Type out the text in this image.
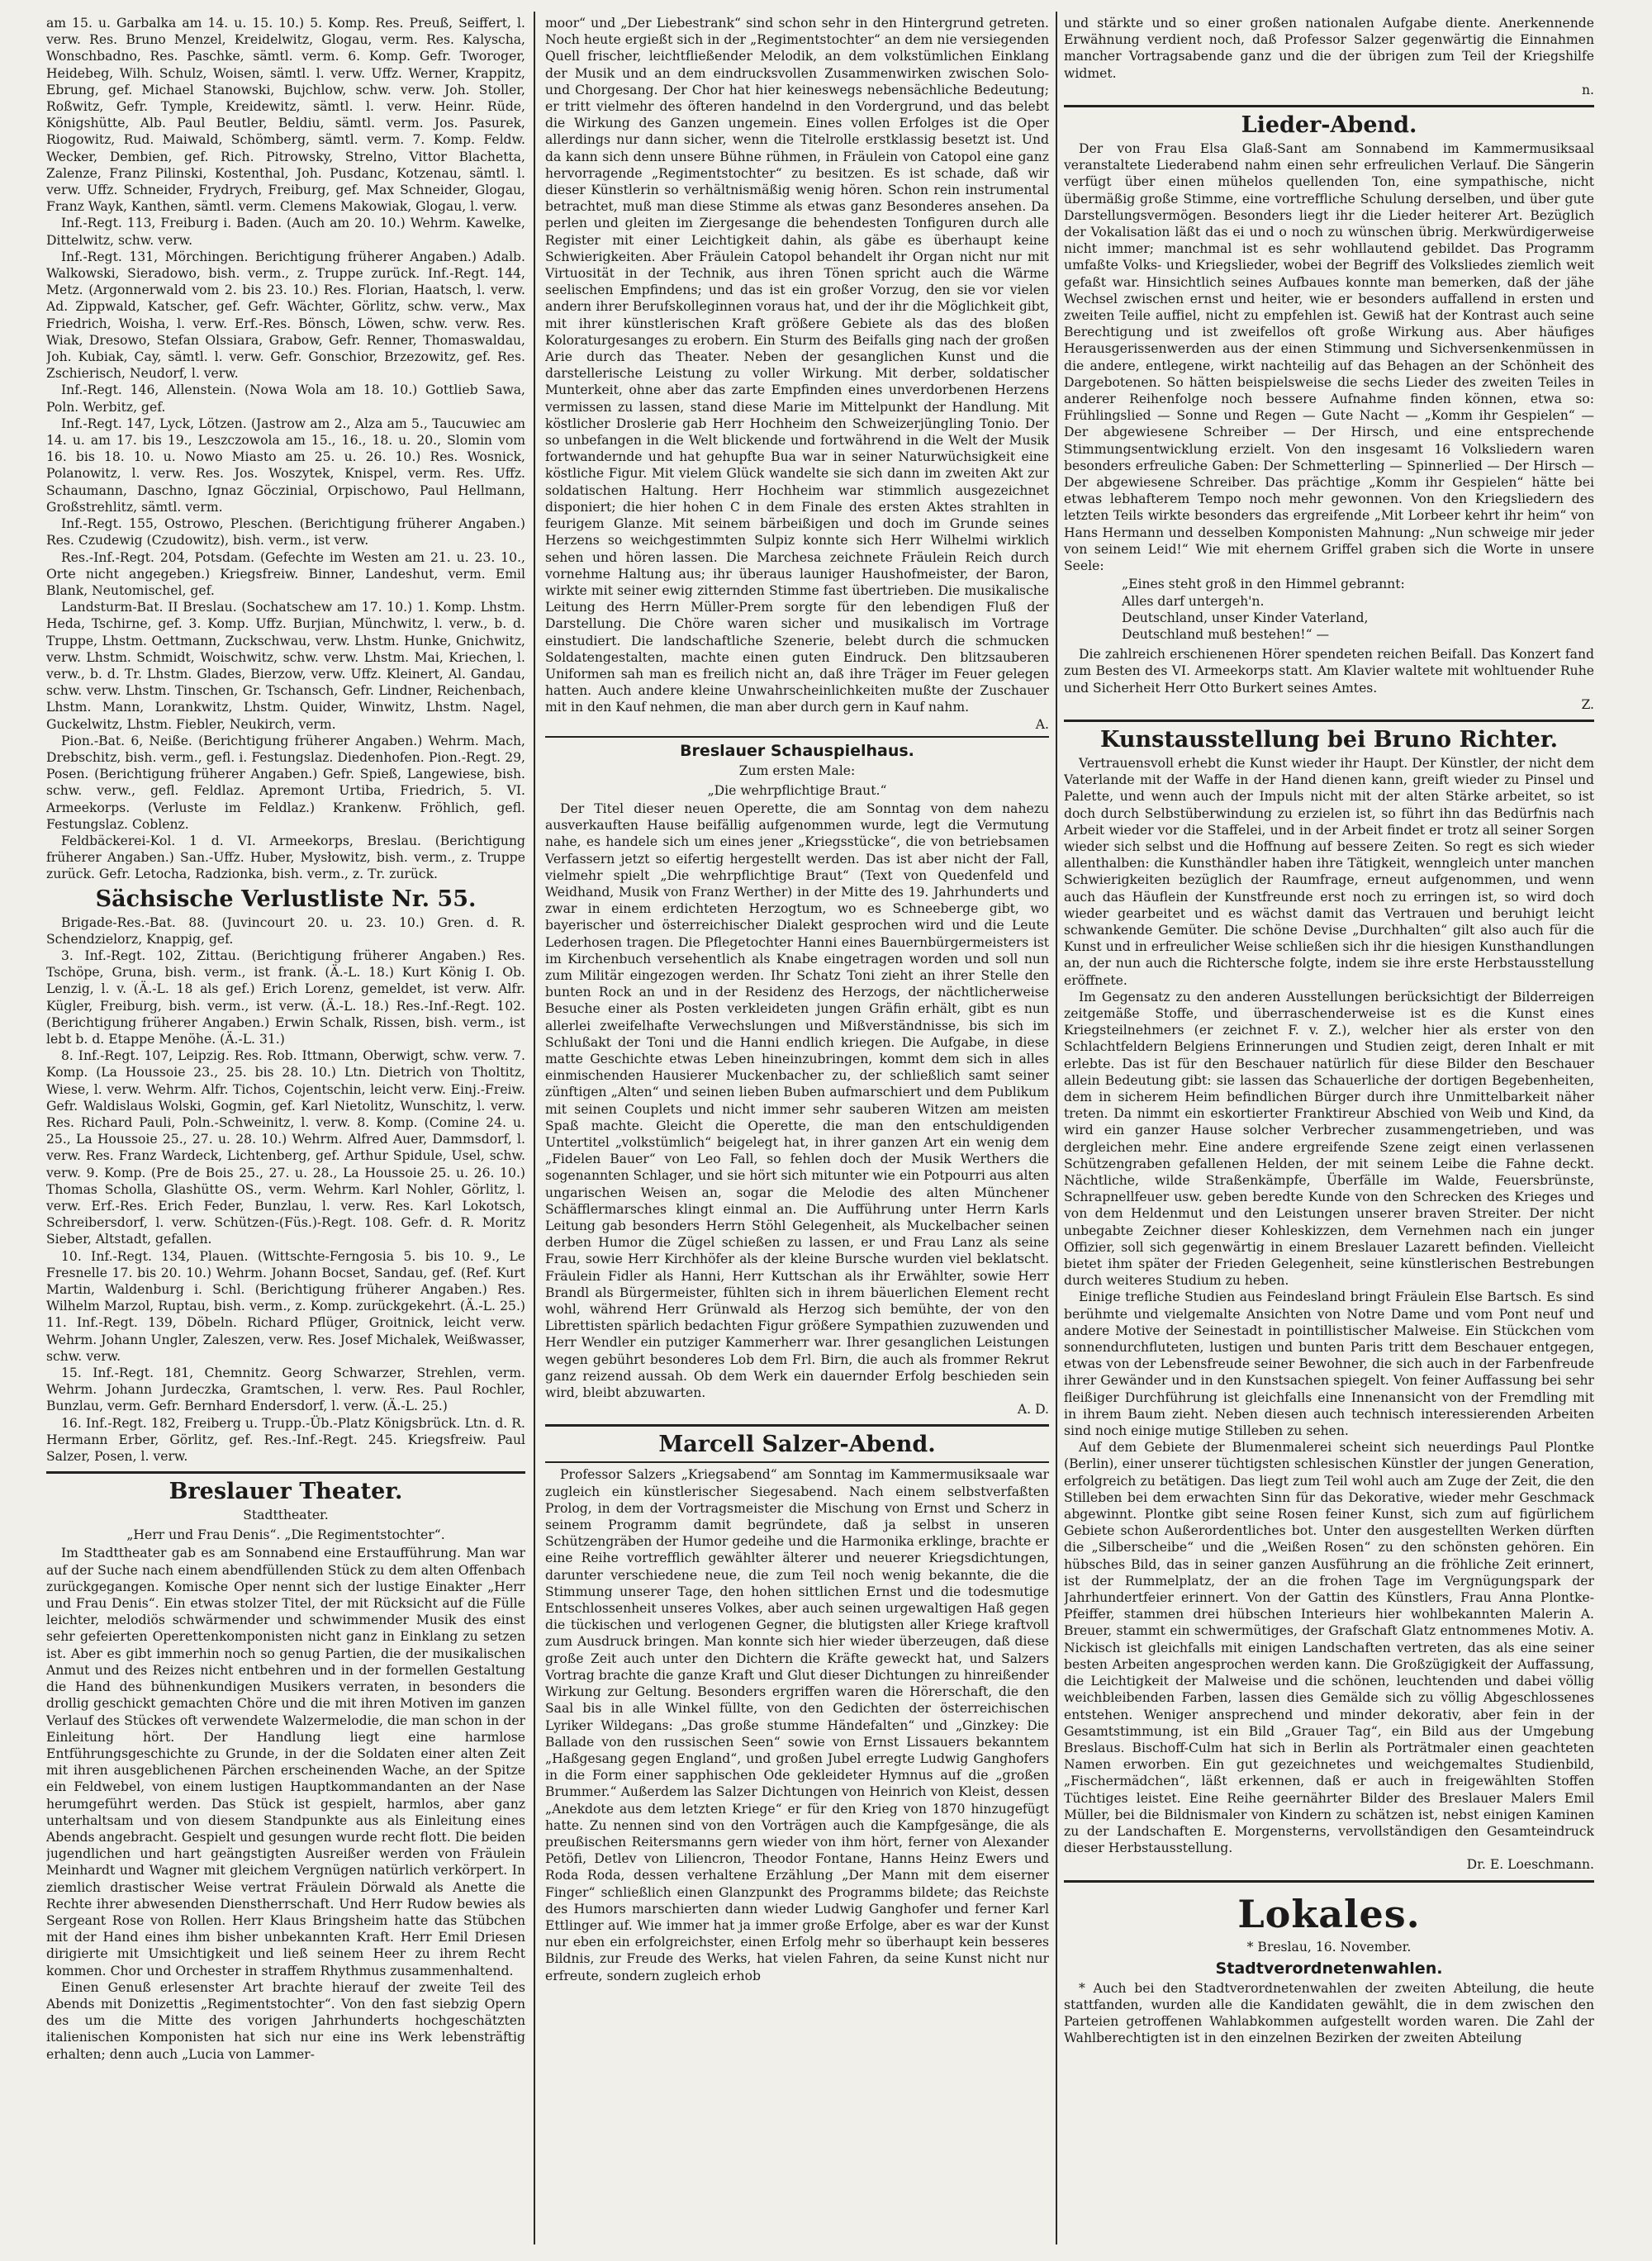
am 15. u. Garbalka am 14. u. 15. 10.) 5. Komp. Res. Preuß, Seiffert, l. verw. Res. Bruno Menzel, Kreidelwitz, Glogau, verm. Res. Kalyscha, Wonschbadno, Res. Paschke, sämtl. verm. 6. Komp. Gefr. Tworoger, Heidebeg, Wilh. Schulz, Woisen, sämtl. l. verw. Uffz. Werner, Krappitz, Ebrung, gef. Michael Stanowski, Bujchlow, schw. verw. Joh. Stoller, Roßwitz, Gefr. Tymple, Kreidewitz, sämtl. l. verw. Heinr. Rüde, Königshütte, Alb. Paul Beutler, Beldiu, sämtl. verm. Jos. Pasurek, Riogowitz, Rud. Maiwald, Schömberg, sämtl. verm. 7. Komp. Feldw. Wecker, Dembien, gef. Rich. Pitrowsky, Strelno, Vittor Blachetta, Zalenze, Franz Pilinski, Kostenthal, Joh. Pusdanc, Kotzenau, sämtl. l. verw. Uffz. Schneider, Frydrych, Freiburg, gef. Max Schneider, Glogau, Franz Wayk, Kanthen, sämtl. verm. Clemens Makowiak, Glogau, l. verw.

Inf.-Regt. 113, Freiburg i. Baden. (Auch am 20. 10.) Wehrm. Kawelke, Dittelwitz, schw. verw.

Inf.-Regt. 131, Mörchingen. Berichtigung früherer Angaben.) Adalb. Walkowski, Sieradowo, bish. verm., z. Truppe zurück. Inf.-Regt. 144, Metz. (Argonnerwald vom 2. bis 23. 10.) Res. Florian, Haatsch, l. verw. Ad. Zippwald, Katscher, gef. Gefr. Wächter, Görlitz, schw. verw., Max Friedrich, Woisha, l. verw. Erf.-Res. Bönsch, Löwen, schw. verw. Res. Wiak, Dresowo, Stefan Olssiara, Grabow, Gefr. Renner, Thomaswaldau, Joh. Kubiak, Cay, sämtl. l. verw. Gefr. Gonschior, Brzezowitz, gef. Res. Zschierisch, Neudorf, l. verw.

Inf.-Regt. 146, Allenstein. (Nowa Wola am 18. 10.) Gottlieb Sawa, Poln. Werbitz, gef.

Inf.-Regt. 147, Lyck, Lötzen. (Jastrow am 2., Alza am 5., Taucuwiec am 14. u. am 17. bis 19., Leszczowola am 15., 16., 18. u. 20., Slomin vom 16. bis 18. 10. u. Nowo Miasto am 25. u. 26. 10.) Res. Wosnick, Polanowitz, l. verw. Res. Jos. Woszytek, Knispel, verm. Res. Uffz. Schaumann, Daschno, Ignaz Göczinial, Orpischowo, Paul Hellmann, Großstrehlitz, sämtl. verm.

Inf.-Regt. 155, Ostrowo, Pleschen. (Berichtigung früherer Angaben.) Res. Czudewig (Czudowitz), bish. verm., ist verw.

Res.-Inf.-Regt. 204, Potsdam. (Gefechte im Westen am 21. u. 23. 10., Orte nicht angegeben.) Kriegsfreiw. Binner, Landeshut, verm. Emil Blank, Neutomischel, gef.

Landsturm-Bat. II Breslau. (Sochatschew am 17. 10.) 1. Komp. Lhstm. Heda, Tschirne, gef. 3. Komp. Uffz. Burjian, Münchwitz, l. verw., b. d. Truppe, Lhstm. Oettmann, Zuckschwau, verw. Lhstm. Hunke, Gnichwitz, verw. Lhstm. Schmidt, Woischwitz, schw. verw. Lhstm. Mai, Kriechen, l. verw., b. d. Tr. Lhstm. Glades, Bierzow, verw. Uffz. Kleinert, Al. Gandau, schw. verw. Lhstm. Tinschen, Gr. Tschansch, Gefr. Lindner, Reichenbach, Lhstm. Mann, Lorankwitz, Lhstm. Quider, Winwitz, Lhstm. Nagel, Guckelwitz, Lhstm. Fiebler, Neukirch, verm.

Pion.-Bat. 6, Neiße. (Berichtigung früherer Angaben.) Wehrm. Mach, Drebschitz, bish. verm., gefl. i. Festungslaz. Diedenhofen. Pion.-Regt. 29, Posen. (Berichtigung früherer Angaben.) Gefr. Spieß, Langewiese, bish. schw. verw., gefl. Feldlaz. Apremont Urtiba, Friedrich, 5. VI. Armeekorps. (Verluste im Feldlaz.) Krankenw. Fröhlich, gefl. Festungslaz. Coblenz.

Feldbäckerei-Kol. 1 d. VI. Armeekorps, Breslau. (Berichtigung früherer Angaben.) San.-Uffz. Huber, Mysłowitz, bish. verm., z. Truppe zurück. Gefr. Letocha, Radzionka, bish. verm., z. Tr. zurück.

Sächsische Verlustliste Nr. 55.

Brigade-Res.-Bat. 88. (Juvincourt 20. u. 23. 10.) Gren. d. R. Schendzielorz, Knappig, gef.

3. Inf.-Regt. 102, Zittau. (Berichtigung früherer Angaben.) Res. Tschöpe, Gruna, bish. verm., ist frank. (Ä.-L. 18.) Kurt König I. Ob. Lenzig, l. v. (Ä.-L. 18 als gef.) Erich Lorenz, gemeldet, ist verw. Alfr. Kügler, Freiburg, bish. verm., ist verw. (Ä.-L. 18.) Res.-Inf.-Regt. 102. (Berichtigung früherer Angaben.) Erwin Schalk, Rissen, bish. verm., ist lebt b. d. Etappe Menöhe. (Ä.-L. 31.)

8. Inf.-Regt. 107, Leipzig. Res. Rob. Ittmann, Oberwigt, schw. verw. 7. Komp. (La Houssoie 23., 25. bis 28. 10.) Ltn. Dietrich von Tholtitz, Wiese, l. verw. Wehrm. Alfr. Tichos, Cojentschin, leicht verw. Einj.-Freiw. Gefr. Waldislaus Wolski, Gogmin, gef. Karl Nietolitz, Wunschitz, l. verw. Res. Richard Pauli, Poln.-Schweinitz, l. verw. 8. Komp. (Comine 24. u. 25., La Houssoie 25., 27. u. 28. 10.) Wehrm. Alfred Auer, Dammsdorf, l. verw. Res. Franz Wardeck, Lichtenberg, gef. Arthur Spidule, Usel, schw. verw. 9. Komp. (Pre de Bois 25., 27. u. 28., La Houssoie 25. u. 26. 10.) Thomas Scholla, Glashütte OS., verm. Wehrm. Karl Nohler, Görlitz, l. verw. Erf.-Res. Erich Feder, Bunzlau, l. verw. Res. Karl Lokotsch, Schreibersdorf, l. verw. Schützen-(Füs.)-Regt. 108. Gefr. d. R. Moritz Sieber, Altstadt, gefallen.

10. Inf.-Regt. 134, Plauen. (Wittschte-Ferngosia 5. bis 10. 9., Le Fresnelle 17. bis 20. 10.) Wehrm. Johann Bocset, Sandau, gef. (Ref. Kurt Martin, Waldenburg i. Schl. (Berichtigung früherer Angaben.) Res. Wilhelm Marzol, Ruptau, bish. verm., z. Komp. zurückgekehrt. (Ä.-L. 25.) 11. Inf.-Regt. 139, Döbeln. Richard Pflüger, Groitnick, leicht verw. Wehrm. Johann Ungler, Zaleszen, verw. Res. Josef Michalek, Weißwasser, schw. verw.

15. Inf.-Regt. 181, Chemnitz. Georg Schwarzer, Strehlen, verm. Wehrm. Johann Jurdeczka, Gramtschen, l. verw. Res. Paul Rochler, Bunzlau, verm. Gefr. Bernhard Endersdorf, l. verw. (Ä.-L. 25.)

16. Inf.-Regt. 182, Freiberg u. Trupp.-Üb.-Platz Königsbrück. Ltn. d. R. Hermann Erber, Görlitz, gef. Res.-Inf.-Regt. 245. Kriegsfreiw. Paul Salzer, Posen, l. verw.

Breslauer Theater.
Stadttheater.

„Herr und Frau Denis“. „Die Regimentstochter“.

Im Stadttheater gab es am Sonnabend eine Erstaufführung. Man war auf der Suche nach einem abendfüllenden Stück zu dem alten Offenbach zurückgegangen. Komische Oper nennt sich der lustige Einakter „Herr und Frau Denis“. Ein etwas stolzer Titel, der mit Rücksicht auf die Fülle leichter, melodiös schwärmender und schwimmender Musik des einst sehr gefeierten Operettenkomponisten nicht ganz in Einklang zu setzen ist. Aber es gibt immerhin noch so genug Partien, die der musikalischen Anmut und des Reizes nicht entbehren und in der formellen Gestaltung die Hand des bühnenkundigen Musikers verraten, in besonders die drollig geschickt gemachten Chöre und die mit ihren Motiven im ganzen Verlauf des Stückes oft verwendete Walzermelodie, die man schon in der Einleitung hört. Der Handlung liegt eine harmlose Entführungsgeschichte zu Grunde, in der die Soldaten einer alten Zeit mit ihren ausgeblichenen Pärchen erscheinenden Wache, an der Spitze ein Feldwebel, von einem lustigen Hauptkommandanten an der Nase herumgeführt werden. Das Stück ist gespielt, harmlos, aber ganz unterhaltsam und von diesem Standpunkte aus als Einleitung eines Abends angebracht. Gespielt und gesungen wurde recht flott. Die beiden jugendlichen und hart geängstigten Ausreißer werden von Fräulein Meinhardt und Wagner mit gleichem Vergnügen natürlich verkörpert. In ziemlich drastischer Weise vertrat Fräulein Dörwald als Anette die Rechte ihrer abwesenden Dienstherrschaft. Und Herr Rudow bewies als Sergeant Rose von Rollen. Herr Klaus Bringsheim hatte das Stübchen mit der Hand eines ihm bisher unbekannten Kraft. Herr Emil Driesen dirigierte mit Umsichtigkeit und ließ seinem Heer zu ihrem Recht kommen. Chor und Orchester in straffem Rhythmus zusammenhaltend.

Einen Genuß erlesenster Art brachte hierauf der zweite Teil des Abends mit Donizettis „Regimentstochter“. Von den fast siebzig Opern des um die Mitte des vorigen Jahrhunderts hochgeschätzten italienischen Komponisten hat sich nur eine ins Werk lebensträftig erhalten; denn auch „Lucia von Lammer-

moor“ und „Der Liebestrank“ sind schon sehr in den Hintergrund getreten. Noch heute ergießt sich in der „Regimentstochter“ an dem nie versiegenden Quell frischer, leichtfließender Melodik, an dem volkstümlichen Einklang der Musik und an dem eindrucksvollen Zusammenwirken zwischen Solo- und Chorgesang. Der Chor hat hier keineswegs nebensächliche Bedeutung; er tritt vielmehr des öfteren handelnd in den Vordergrund, und das belebt die Wirkung des Ganzen ungemein. Eines vollen Erfolges ist die Oper allerdings nur dann sicher, wenn die Titelrolle erstklassig besetzt ist. Und da kann sich denn unsere Bühne rühmen, in Fräulein von Catopol eine ganz hervorragende „Regimentstochter“ zu besitzen. Es ist schade, daß wir dieser Künstlerin so verhältnismäßig wenig hören. Schon rein instrumental betrachtet, muß man diese Stimme als etwas ganz Besonderes ansehen. Da perlen und gleiten im Ziergesange die behendesten Tonfiguren durch alle Register mit einer Leichtigkeit dahin, als gäbe es überhaupt keine Schwierigkeiten. Aber Fräulein Catopol behandelt ihr Organ nicht nur mit Virtuosität in der Technik, aus ihren Tönen spricht auch die Wärme seelischen Empfindens; und das ist ein großer Vorzug, den sie vor vielen andern ihrer Berufskolleginnen voraus hat, und der ihr die Möglichkeit gibt, mit ihrer künstlerischen Kraft größere Gebiete als das des bloßen Koloraturgesanges zu erobern. Ein Sturm des Beifalls ging nach der großen Arie durch das Theater. Neben der gesanglichen Kunst und die darstellerische Leistung zu voller Wirkung. Mit derber, soldatischer Munterkeit, ohne aber das zarte Empfinden eines unverdorbenen Herzens vermissen zu lassen, stand diese Marie im Mittelpunkt der Handlung. Mit köstlicher Droslerie gab Herr Hochheim den Schweizerjüngling Tonio. Der so unbefangen in die Welt blickende und fortwährend in die Welt der Musik fortwandernde und hat gehupfte Bua war in seiner Naturwüchsigkeit eine köstliche Figur. Mit vielem Glück wandelte sie sich dann im zweiten Akt zur soldatischen Haltung. Herr Hochheim war stimmlich ausgezeichnet disponiert; die hier hohen C in dem Finale des ersten Aktes strahlten in feurigem Glanze. Mit seinem bärbeißigen und doch im Grunde seines Herzens so weichgestimmten Sulpiz konnte sich Herr Wilhelmi wirklich sehen und hören lassen. Die Marchesa zeichnete Fräulein Reich durch vornehme Haltung aus; ihr überaus launiger Haushofmeister, der Baron, wirkte mit seiner ewig zitternden Stimme fast übertrieben. Die musikalische Leitung des Herrn Müller-Prem sorgte für den lebendigen Fluß der Darstellung. Die Chöre waren sicher und musikalisch im Vortrage einstudiert. Die landschaftliche Szenerie, belebt durch die schmucken Soldatengestalten, machte einen guten Eindruck. Den blitzsauberen Uniformen sah man es freilich nicht an, daß ihre Träger im Feuer gelegen hatten. Auch andere kleine Unwahrscheinlichkeiten mußte der Zuschauer mit in den Kauf nehmen, die man aber durch gern in Kauf nahm.

A.

Breslauer Schauspielhaus.
Zum ersten Male:

„Die wehrpflichtige Braut.“

Der Titel dieser neuen Operette, die am Sonntag von dem nahezu ausverkauften Hause beifällig aufgenommen wurde, legt die Vermutung nahe, es handele sich um eines jener „Kriegsstücke“, die von betriebsamen Verfassern jetzt so eifertig hergestellt werden. Das ist aber nicht der Fall, vielmehr spielt „Die wehrpflichtige Braut“ (Text von Quedenfeld und Weidhand, Musik von Franz Werther) in der Mitte des 19. Jahrhunderts und zwar in einem erdichteten Herzogtum, wo es Schneeberge gibt, wo bayerischer und österreichischer Dialekt gesprochen wird und die Leute Lederhosen tragen. Die Pflegetochter Hanni eines Bauernbürgermeisters ist im Kirchenbuch versehentlich als Knabe eingetragen worden und soll nun zum Militär eingezogen werden. Ihr Schatz Toni zieht an ihrer Stelle den bunten Rock an und in der Residenz des Herzogs, der nächtlicherweise Besuche einer als Posten verkleideten jungen Gräfin erhält, gibt es nun allerlei zweifelhafte Verwechslungen und Mißverständnisse, bis sich im Schlußakt der Toni und die Hanni endlich kriegen. Die Aufgabe, in diese matte Geschichte etwas Leben hineinzubringen, kommt dem sich in alles einmischenden Hausierer Muckenbacher zu, der schließlich samt seiner zünftigen „Alten“ und seinen lieben Buben aufmarschiert und dem Publikum mit seinen Couplets und nicht immer sehr sauberen Witzen am meisten Spaß machte. Gleicht die Operette, die man den entschuldigenden Untertitel „volkstümlich“ beigelegt hat, in ihrer ganzen Art ein wenig dem „Fidelen Bauer“ von Leo Fall, so fehlen doch der Musik Werthers die sogenannten Schlager, und sie hört sich mitunter wie ein Potpourri aus alten ungarischen Weisen an, sogar die Melodie des alten Münchener Schäfflermarsches klingt einmal an. Die Aufführung unter Herrn Karls Leitung gab besonders Herrn Stöhl Gelegenheit, als Muckelbacher seinen derben Humor die Zügel schießen zu lassen, er und Frau Lanz als seine Frau, sowie Herr Kirchhöfer als der kleine Bursche wurden viel beklatscht. Fräulein Fidler als Hanni, Herr Kuttschan als ihr Erwählter, sowie Herr Brandl als Bürgermeister, fühlten sich in ihrem bäuerlichen Element recht wohl, während Herr Grünwald als Herzog sich bemühte, der von den Librettisten spärlich bedachten Figur größere Sympathien zuzuwenden und Herr Wendler ein putziger Kammerherr war. Ihrer gesanglichen Leistungen wegen gebührt besonderes Lob dem Frl. Birn, die auch als frommer Rekrut ganz reizend aussah. Ob dem Werk ein dauernder Erfolg beschieden sein wird, bleibt abzuwarten.

A. D.

Marcell Salzer-Abend.

Professor Salzers „Kriegsabend“ am Sonntag im Kammermusiksaale war zugleich ein künstlerischer Siegesabend. Nach einem selbstverfaßten Prolog, in dem der Vortragsmeister die Mischung von Ernst und Scherz in seinem Programm damit begründete, daß ja selbst in unseren Schützengräben der Humor gedeihe und die Harmonika erklinge, brachte er eine Reihe vortrefflich gewählter älterer und neuerer Kriegsdichtungen, darunter verschiedene neue, die zum Teil noch wenig bekannte, die die Stimmung unserer Tage, den hohen sittlichen Ernst und die todesmutige Entschlossenheit unseres Volkes, aber auch seinen urgewaltigen Haß gegen die tückischen und verlogenen Gegner, die blutigsten aller Kriege kraftvoll zum Ausdruck bringen. Man konnte sich hier wieder überzeugen, daß diese große Zeit auch unter den Dichtern die Kräfte geweckt hat, und Salzers Vortrag brachte die ganze Kraft und Glut dieser Dichtungen zu hinreißender Wirkung zur Geltung. Besonders ergriffen waren die Hörerschaft, die den Saal bis in alle Winkel füllte, von den Gedichten der österreichischen Lyriker Wildegans: „Das große stumme Händefalten“ und „Ginzkey: Die Ballade von den russischen Seen“ sowie von Ernst Lissauers bekanntem „Haßgesang gegen England“, und großen Jubel erregte Ludwig Ganghofers in die Form einer sapphischen Ode gekleideter Hymnus auf die „großen Brummer.“ Außerdem las Salzer Dichtungen von Heinrich von Kleist, dessen „Anekdote aus dem letzten Kriege“ er für den Krieg von 1870 hinzugefügt hatte. Zu nennen sind von den Vorträgen auch die Kampfgesänge, die als preußischen Reitersmanns gern wieder von ihm hört, ferner von Alexander Petöfi, Detlev von Liliencron, Theodor Fontane, Hanns Heinz Ewers und Roda Roda, dessen verhaltene Erzählung „Der Mann mit dem eiserner Finger“ schließlich einen Glanzpunkt des Programms bildete; das Reichste des Humors marschierten dann wieder Ludwig Ganghofer und ferner Karl Ettlinger auf. Wie immer hat ja immer große Erfolge, aber es war der Kunst nur eben ein erfolgreichster, einen Erfolg mehr so überhaupt kein besseres Bildnis, zur Freude des Werks, hat vielen Fahren, da seine Kunst nicht nur erfreute, sondern zugleich erhob

und stärkte und so einer großen nationalen Aufgabe diente. Anerkennende Erwähnung verdient noch, daß Professor Salzer gegenwärtig die Einnahmen mancher Vortragsabende ganz und die der übrigen zum Teil der Kriegshilfe widmet.

n.

Lieder-Abend.

Der von Frau Elsa Glaß-Sant am Sonnabend im Kammermusiksaal veranstaltete Liederabend nahm einen sehr erfreulichen Verlauf. Die Sängerin verfügt über einen mühelos quellenden Ton, eine sympathische, nicht übermäßig große Stimme, eine vortreffliche Schulung derselben, und über gute Darstellungsvermögen. Besonders liegt ihr die Lieder heiterer Art. Bezüglich der Vokalisation läßt das ei und o noch zu wünschen übrig. Merkwürdigerweise nicht immer; manchmal ist es sehr wohllautend gebildet. Das Programm umfaßte Volks- und Kriegslieder, wobei der Begriff des Volksliedes ziemlich weit gefaßt war. Hinsichtlich seines Aufbaues konnte man bemerken, daß der jähe Wechsel zwischen ernst und heiter, wie er besonders auffallend in ersten und zweiten Teile auffiel, nicht zu empfehlen ist. Gewiß hat der Kontrast auch seine Berechtigung und ist zweifellos oft große Wirkung aus. Aber häufiges Herausgerissenwerden aus der einen Stimmung und Sichversenkenmüssen in die andere, entlegene, wirkt nachteilig auf das Behagen an der Schönheit des Dargebotenen. So hätten beispielsweise die sechs Lieder des zweiten Teiles in anderer Reihenfolge noch bessere Aufnahme finden können, etwa so: Frühlingslied — Sonne und Regen — Gute Nacht — „Komm ihr Gespielen“ — Der abgewiesene Schreiber — Der Hirsch, und eine entsprechende Stimmungsentwicklung erzielt. Von den insgesamt 16 Volksliedern waren besonders erfreuliche Gaben: Der Schmetterling — Spinnerlied — Der Hirsch — Der abgewiesene Schreiber. Das prächtige „Komm ihr Gespielen“ hätte bei etwas lebhafterem Tempo noch mehr gewonnen. Von den Kriegsliedern des letzten Teils wirkte besonders das ergreifende „Mit Lorbeer kehrt ihr heim“ von Hans Hermann und desselben Komponisten Mahnung: „Nun schweige mir jeder von seinem Leid!“ Wie mit ehernem Griffel graben sich die Worte in unsere Seele:

„Eines steht groß in den Himmel gebrannt:
Alles darf untergeh'n.
Deutschland, unser Kinder Vaterland,
Deutschland muß bestehen!“ —

Die zahlreich erschienenen Hörer spendeten reichen Beifall. Das Konzert fand zum Besten des VI. Armeekorps statt. Am Klavier waltete mit wohltuender Ruhe und Sicherheit Herr Otto Burkert seines Amtes.

Z.

Kunstausstellung bei Bruno Richter.

Vertrauensvoll erhebt die Kunst wieder ihr Haupt. Der Künstler, der nicht dem Vaterlande mit der Waffe in der Hand dienen kann, greift wieder zu Pinsel und Palette, und wenn auch der Impuls nicht mit der alten Stärke arbeitet, so ist doch durch Selbstüberwindung zu erzielen ist, so führt ihn das Bedürfnis nach Arbeit wieder vor die Staffelei, und in der Arbeit findet er trotz all seiner Sorgen wieder sich selbst und die Hoffnung auf bessere Zeiten. So regt es sich wieder allenthalben: die Kunsthändler haben ihre Tätigkeit, wenngleich unter manchen Schwierigkeiten bezüglich der Raumfrage, erneut aufgenommen, und wenn auch das Häuflein der Kunstfreunde erst noch zu erringen ist, so wird doch wieder gearbeitet und es wächst damit das Vertrauen und beruhigt leicht schwankende Gemüter. Die schöne Devise „Durchhalten“ gilt also auch für die Kunst und in erfreulicher Weise schließen sich ihr die hiesigen Kunsthandlungen an, der nun auch die Richtersche folgte, indem sie ihre erste Herbstausstellung eröffnete.

Im Gegensatz zu den anderen Ausstellungen berücksichtigt der Bilderreigen zeitgemäße Stoffe, und überraschenderweise ist es die Kunst eines Kriegsteilnehmers (er zeichnet F. v. Z.), welcher hier als erster von den Schlachtfeldern Belgiens Erinnerungen und Studien zeigt, deren Inhalt er mit erlebte. Das ist für den Beschauer natürlich für diese Bilder den Beschauer allein Bedeutung gibt: sie lassen das Schauerliche der dortigen Begebenheiten, dem in sicherem Heim befindlichen Bürger durch ihre Unmittelbarkeit näher treten. Da nimmt ein eskortierter Franktireur Abschied von Weib und Kind, da wird ein ganzer Hause solcher Verbrecher zusammengetrieben, und was dergleichen mehr. Eine andere ergreifende Szene zeigt einen verlassenen Schützengraben gefallenen Helden, der mit seinem Leibe die Fahne deckt. Nächtliche, wilde Straßenkämpfe, Überfälle im Walde, Feuersbrünste, Schrapnellfeuer usw. geben beredte Kunde von den Schrecken des Krieges und von dem Heldenmut und den Leistungen unserer braven Streiter. Der nicht unbegabte Zeichner dieser Kohleskizzen, dem Vernehmen nach ein junger Offizier, soll sich gegenwärtig in einem Breslauer Lazarett befinden. Vielleicht bietet ihm später der Frieden Gelegenheit, seine künstlerischen Bestrebungen durch weiteres Studium zu heben.

Einige trefliche Studien aus Feindesland bringt Fräulein Else Bartsch. Es sind berühmte und vielgemalte Ansichten von Notre Dame und vom Pont neuf und andere Motive der Seinestadt in pointillistischer Malweise. Ein Stückchen vom sonnendurchfluteten, lustigen und bunten Paris tritt dem Beschauer entgegen, etwas von der Lebensfreude seiner Bewohner, die sich auch in der Farbenfreude ihrer Gewänder und in den Kunstsachen spiegelt. Von feiner Auffassung bei sehr fleißiger Durchführung ist gleichfalls eine Innenansicht von der Fremdling mit in ihrem Baum zieht. Neben diesen auch technisch interessierenden Arbeiten sind noch einige mutige Stilleben zu sehen.

Auf dem Gebiete der Blumenmalerei scheint sich neuerdings Paul Plontke (Berlin), einer unserer tüchtigsten schlesischen Künstler der jungen Generation, erfolgreich zu betätigen. Das liegt zum Teil wohl auch am Zuge der Zeit, die den Stilleben bei dem erwachten Sinn für das Dekorative, wieder mehr Geschmack abgewinnt. Plontke gibt seine Rosen feiner Kunst, sich zum auf figürlichem Gebiete schon Außerordentliches bot. Unter den ausgestellten Werken dürften die „Silberscheibe“ und die „Weißen Rosen“ zu den schönsten gehören. Ein hübsches Bild, das in seiner ganzen Ausführung an die fröhliche Zeit erinnert, ist der Rummelplatz, der an die frohen Tage im Vergnügungspark der Jahrhundertfeier erinnert. Von der Gattin des Künstlers, Frau Anna Plontke-Pfeiffer, stammen drei hübschen Interieurs hier wohlbekannten Malerin A. Breuer, stammt ein schwermütiges, der Grafschaft Glatz entnommenes Motiv. A. Nickisch ist gleichfalls mit einigen Landschaften vertreten, das als eine seiner besten Arbeiten angesprochen werden kann. Die Großzügigkeit der Auffassung, die Leichtigkeit der Malweise und die schönen, leuchtenden und dabei völlig weichbleibenden Farben, lassen dies Gemälde sich zu völlig Abgeschlossenes entstehen. Weniger ansprechend und minder dekorativ, aber fein in der Gesamtstimmung, ist ein Bild „Grauer Tag“, ein Bild aus der Umgebung Breslaus. Bischoff-Culm hat sich in Berlin als Porträtmaler einen geachteten Namen erworben. Ein gut gezeichnetes und weichgemaltes Studienbild, „Fischermädchen“, läßt erkennen, daß er auch in freigewählten Stoffen Tüchtiges leistet. Eine Reihe geernährter Bilder des Breslauer Malers Emil Müller, bei die Bildnismaler von Kindern zu schätzen ist, nebst einigen Kaminen zu der Landschaften E. Morgensterns, vervollständigen den Gesamteindruck dieser Herbstausstellung.

Dr. E. Loeschmann.

Lokales.

* Breslau, 16. November.

Stadtverordnetenwahlen.

* Auch bei den Stadtverordnetenwahlen der zweiten Abteilung, die heute stattfanden, wurden alle die Kandidaten gewählt, die in dem zwischen den Parteien getroffenen Wahlabkommen aufgestellt worden waren. Die Zahl der Wahlberechtigten ist in den einzelnen Bezirken der zweiten Abteilung
